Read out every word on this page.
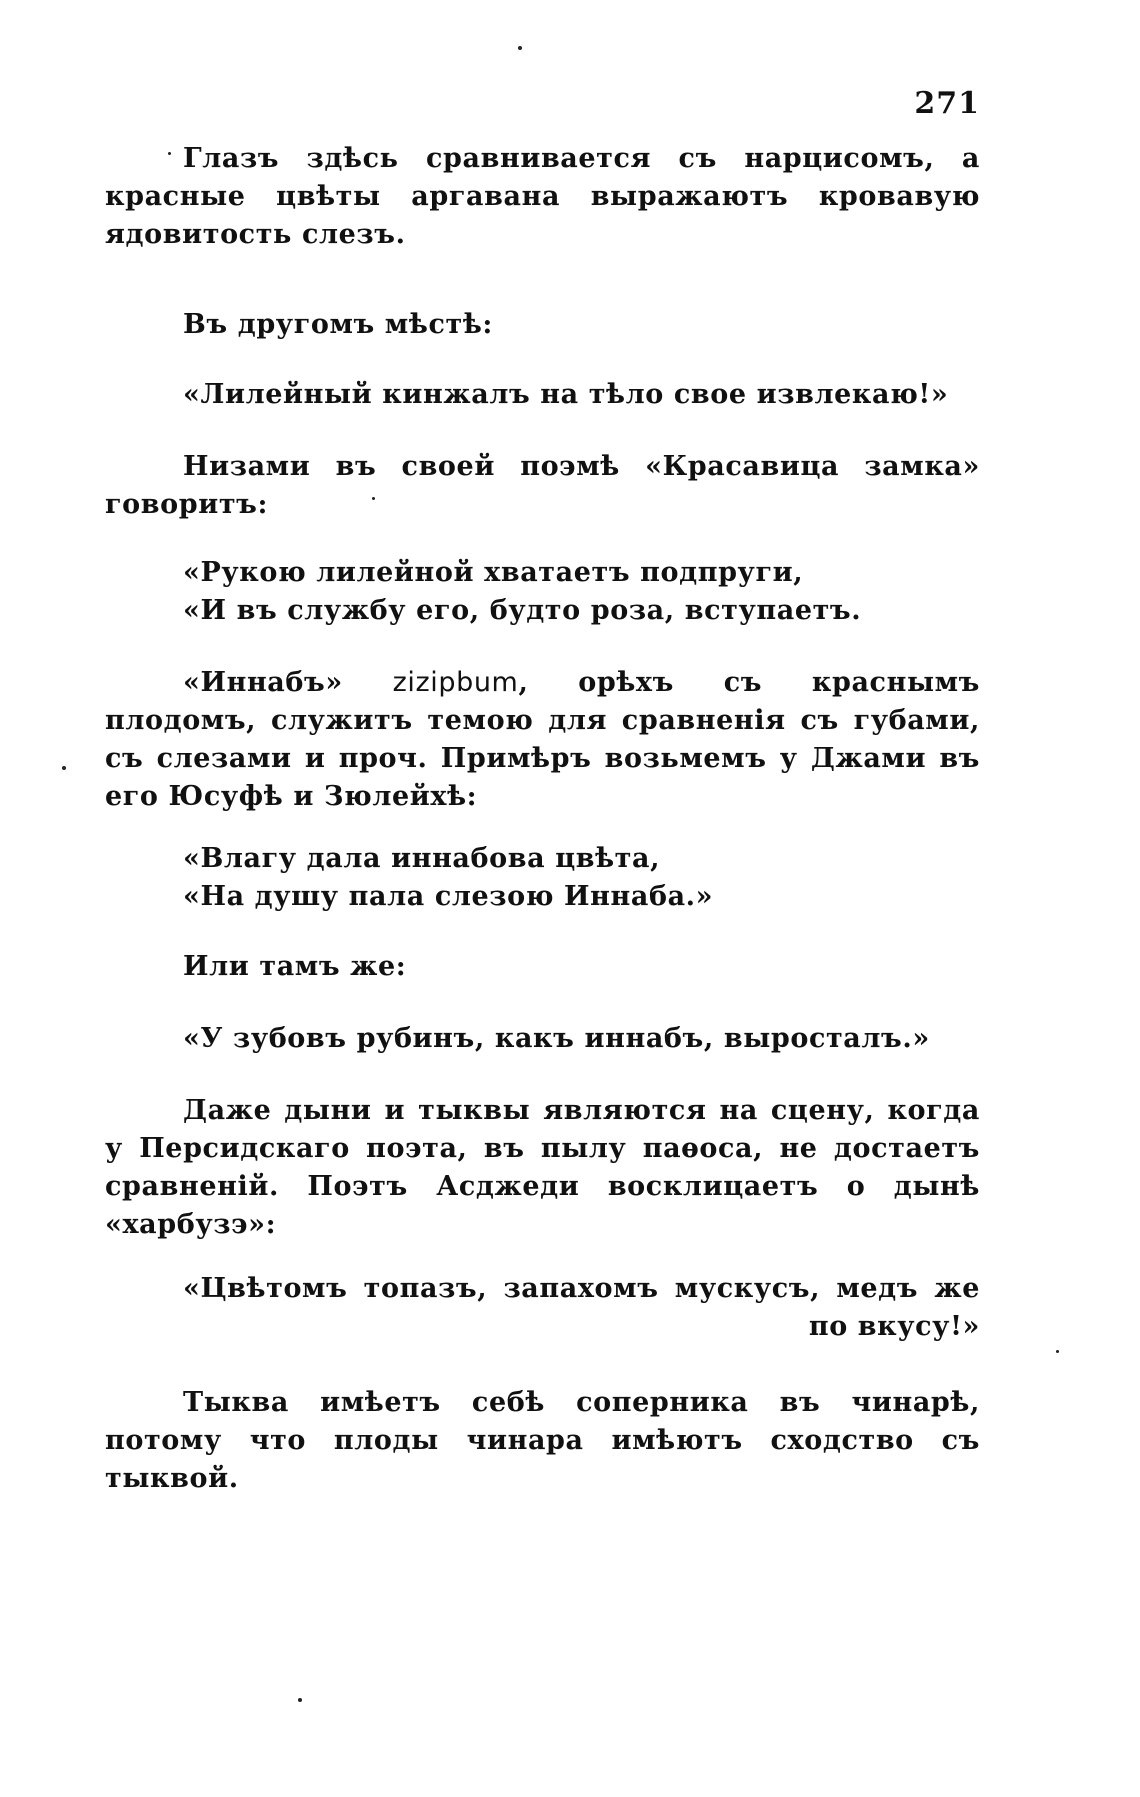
271

Глазъ здѣсь сравниваетcя съ нарцисомъ, а красные цвѣты аргавана выражаютъ кровавую ядовитость слезъ.

Въ другомъ мѣстѣ:

«Лилейный кинжалъ на тѣло свое извлекаю!»

Низами въ своей поэмѣ «Красавица замка» говоритъ:

«Рукою лилейной хватаетъ подпруги,
«И въ службу его, будто роза, вступаетъ.

«Иннабъ» zizipbum, орѣхъ съ краснымъ плодомъ, служитъ темою для сравненія съ губами, съ слезами и проч. Примѣръ возьмемъ у Джами въ его Юсуфѣ и Зюлейхѣ:

«Влагу дала иннабова цвѣта,
«На душу пала слезою Иннаба.»

Или тамъ же:

«У зубовъ рубинъ, какъ иннабъ, выросталъ.»

Даже дыни и тыквы являются на сцену, когда у Персидскаго поэта, въ пылу паѳоса, не достаетъ сравненій. Поэтъ Асджеди восклицаетъ о дынѣ «харбузэ»:

«Цвѣтомъ топазъ, запахомъ мускусъ, медъ же
по вкусу!»

Тыква имѣетъ себѣ соперника въ чинарѣ, потому что плоды чинара имѣютъ сходство съ тыквой.
